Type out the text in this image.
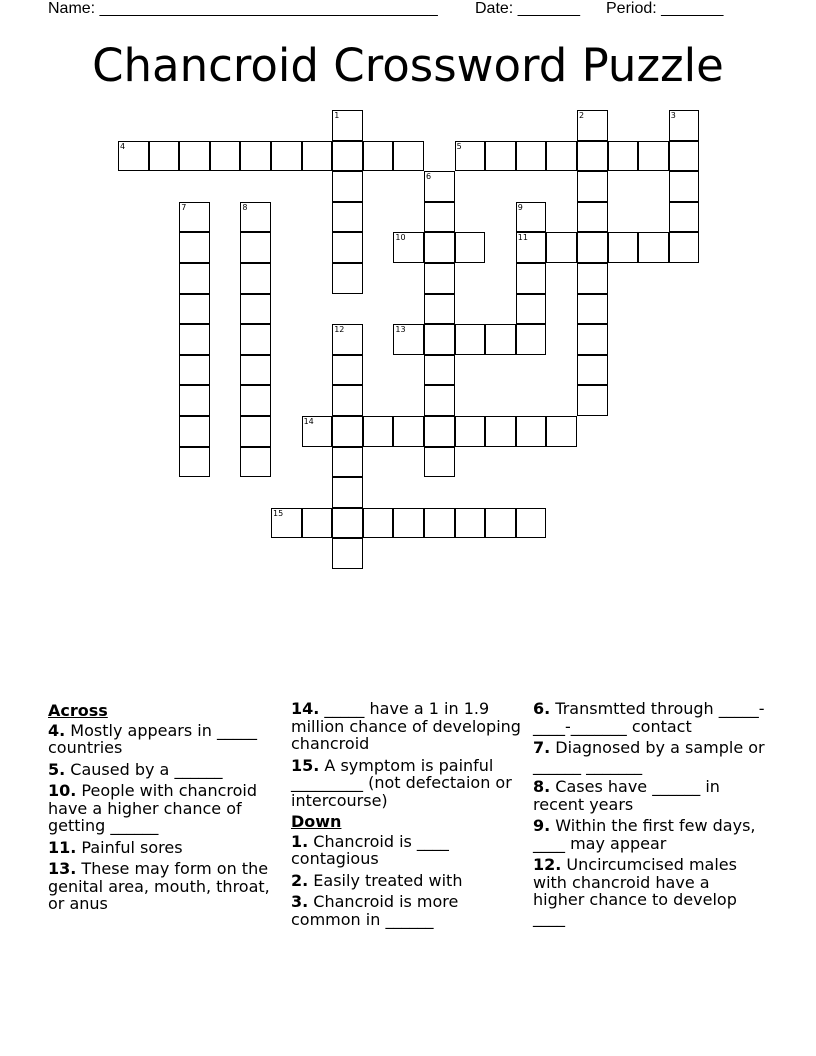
Name: ______________________________________ Date: _______ Period: _______
Chancroid Crossword Puzzle
4	5
10	11
13
14
15
1	2	3
6
7	8	9
12
Across
4. Mostly appears in _____ countries
5. Caused by a ______
10. People with chancroid have a higher chance of getting ______
11. Painful sores
13. These may form on the genital area, mouth, throat, or anus
14. _____ have a 1 in 1.9 million chance of developing chancroid
15. A symptom is painful _________ (not defectaion or intercourse)
Down
1. Chancroid is ____ contagious
2. Easily treated with
3. Chancroid is more common in ______
6. Transmtted through _____-____-_______ contact
7. Diagnosed by a sample or ______ _______
8. Cases have ______ in recent years
9. Within the first few days, ____ may appear
12. Uncircumcised males with chancroid have a higher chance to develop ____
